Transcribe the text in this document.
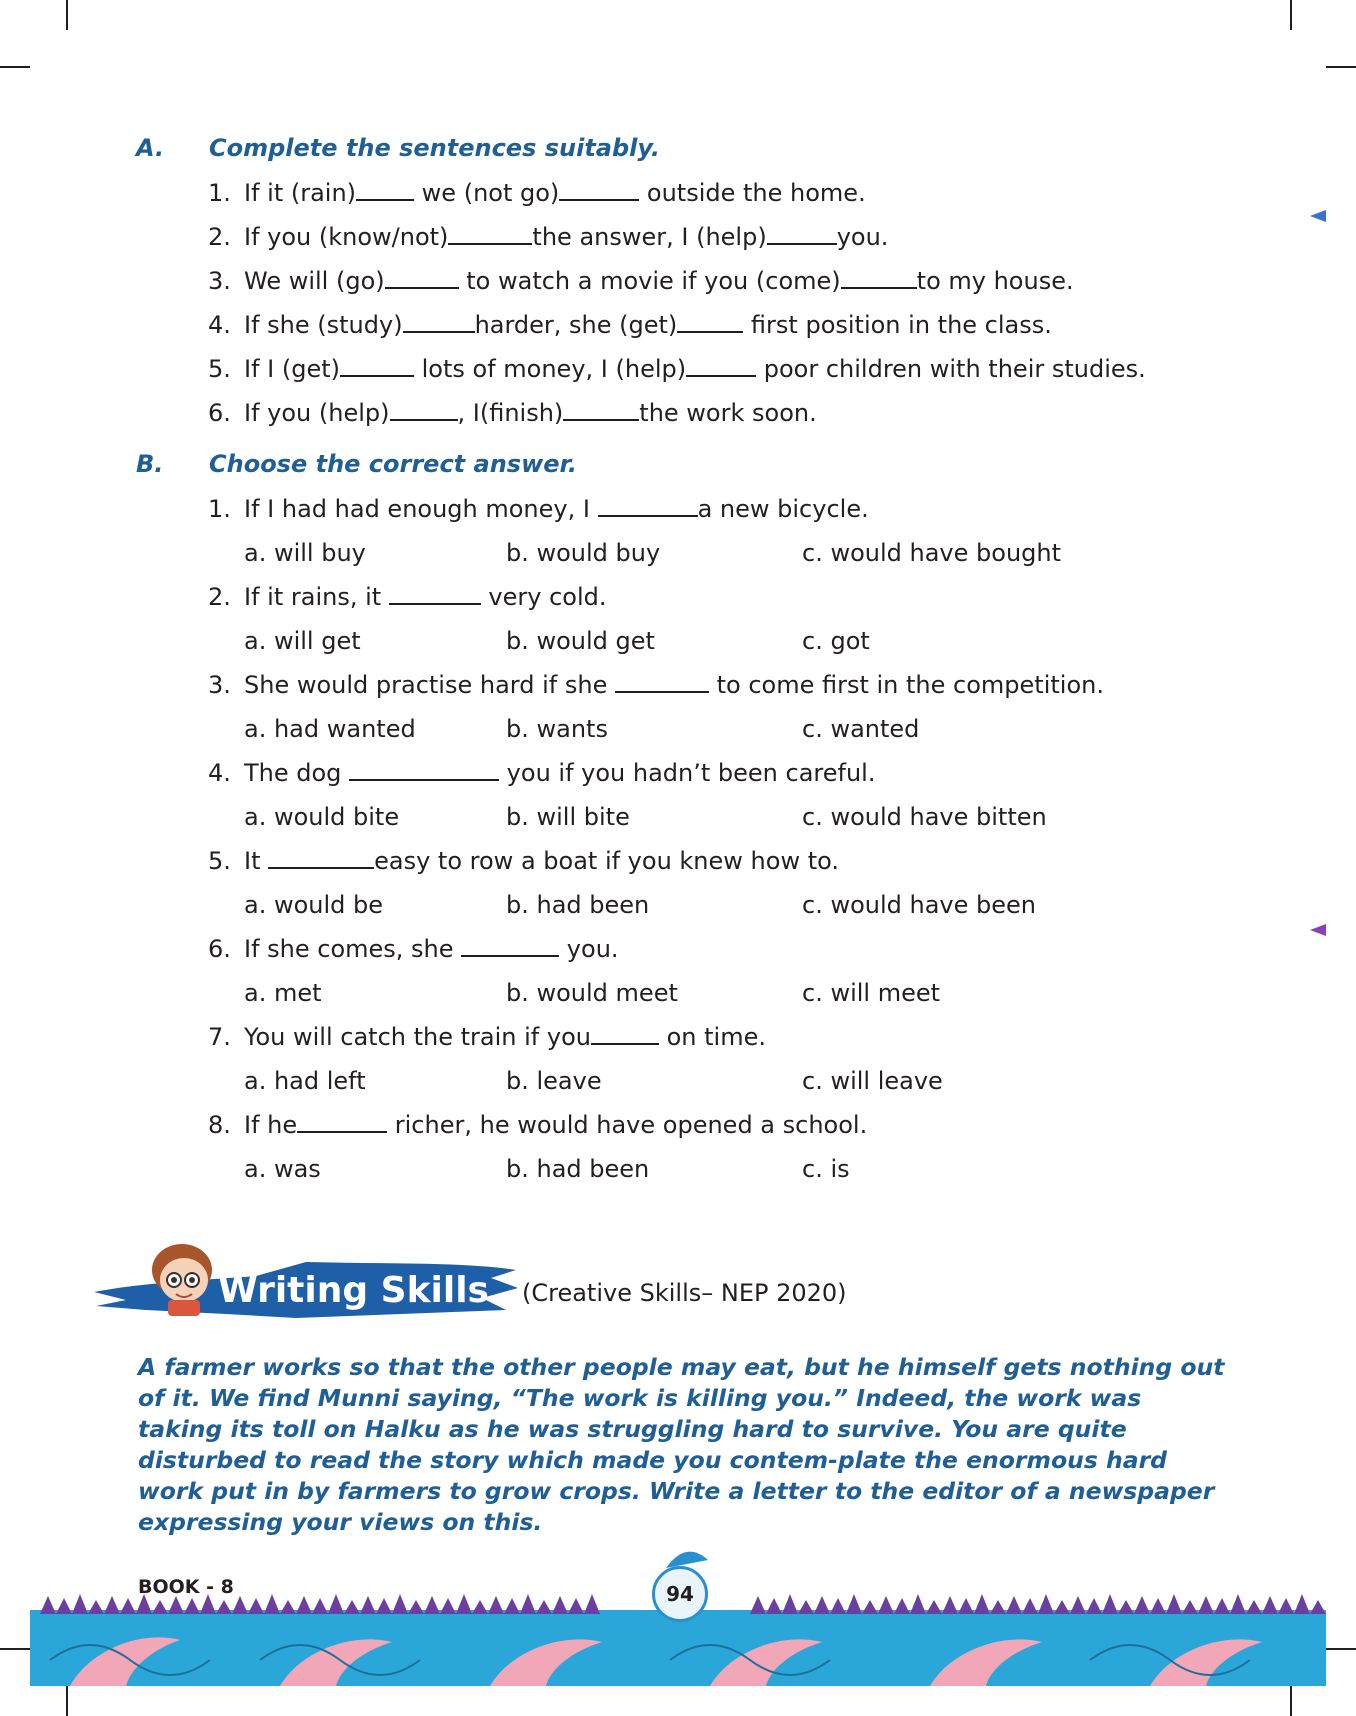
A. Complete the sentences suitably.
1. If it (rain) we (not go)	outside the home.
2. If you (know/not)	the answer, I (help)	you.
3. We will (go)	to watch a movie if you (come)	to my house.
4. If she (study)	harder, she (get)	first position in the class.
5. If I (get)	lots of money, I (help)	poor children with their studies.
6. If you (help)	, I(finish)	the work soon.
B. Choose the correct answer.
1. If I had had enough money, I	a new bicycle.
a. will buy	b. would buy	c. would have bought
2. If it rains, it	very cold.
a. will get	b. would get	c. got
3. She would practise hard if she	to come first in the competition.
a. had wanted	b. wants	c. wanted
4. The dog	you if you hadn’t been careful.
a. would bite	b. will bite	c. would have bitten
5. It	easy to row a boat if you knew how to.
a. would be	b. had been	c. would have been
6. If she comes, she	you.
a. met	b. would meet	c. will meet
7. You will catch the train if you	on time.
a. had left	b. leave	c. will leave
8. If he	richer, he would have opened a school.
a. was	b. had been	c. is
Writing Skills (Creative Skills– NEP 2020)
A farmer works so that the other people may eat, but he himself gets nothing out of it. We find Munni saying, “The work is killing you.” Indeed, the work was taking its toll on Halku as he was struggling hard to survive. You are quite disturbed to read the story which made you contem-plate the enormous hard work put in by farmers to grow crops. Write a letter to the editor of a newspaper expressing your views on this.
BOOK - 8	94
